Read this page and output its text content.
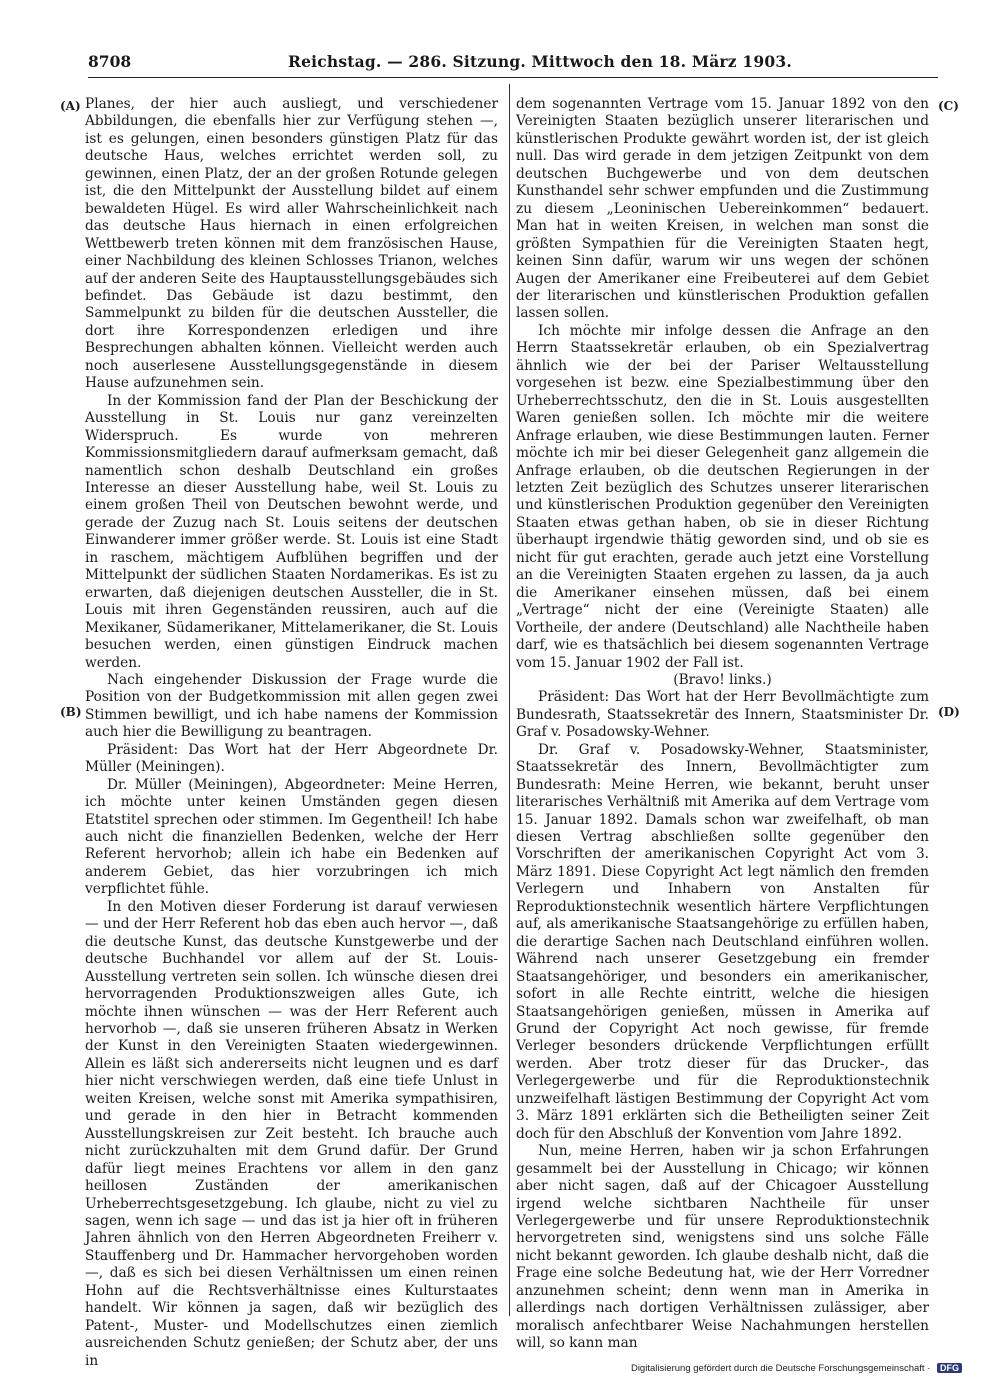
8708	Reichstag. — 286. Sitzung. Mittwoch den 18. März 1903.
(A)
(B)
(C)
(D)

Planes, der hier auch ausliegt, und verschiedener Abbildungen, die ebenfalls hier zur Verfügung stehen —, ist es gelungen, einen besonders günstigen Platz für das deutsche Haus, welches errichtet werden soll, zu gewinnen, einen Platz, der an der großen Rotunde gelegen ist, die den Mittelpunkt der Ausstellung bildet auf einem bewaldeten Hügel. Es wird aller Wahrscheinlichkeit nach das deutsche Haus hiernach in einen erfolgreichen Wettbewerb treten können mit dem französischen Hause, einer Nachbildung des kleinen Schlosses Trianon, welches auf der anderen Seite des Hauptausstellungsgebäudes sich befindet. Das Gebäude ist dazu bestimmt, den Sammelpunkt zu bilden für die deutschen Aussteller, die dort ihre Korrespondenzen erledigen und ihre Besprechungen abhalten können. Vielleicht werden auch noch auserlesene Ausstellungsgegenstände in diesem Hause aufzunehmen sein.

In der Kommission fand der Plan der Beschickung der Ausstellung in St. Louis nur ganz vereinzelten Widerspruch. Es wurde von mehreren Kommissionsmitgliedern darauf aufmerksam gemacht, daß namentlich schon deshalb Deutschland ein großes Interesse an dieser Ausstellung habe, weil St. Louis zu einem großen Theil von Deutschen bewohnt werde, und gerade der Zuzug nach St. Louis seitens der deutschen Einwanderer immer größer werde. St. Louis ist eine Stadt in raschem, mächtigem Aufblühen begriffen und der Mittelpunkt der südlichen Staaten Nordamerikas. Es ist zu erwarten, daß diejenigen deutschen Aussteller, die in St. Louis mit ihren Gegenständen reussiren, auch auf die Mexikaner, Südamerikaner, Mittelamerikaner, die St. Louis besuchen werden, einen günstigen Eindruck machen werden.

Nach eingehender Diskussion der Frage wurde die Position von der Budgetkommission mit allen gegen zwei Stimmen bewilligt, und ich habe namens der Kommission auch hier die Bewilligung zu beantragen.

Präsident: Das Wort hat der Herr Abgeordnete Dr. Müller (Meiningen).

Dr. Müller (Meiningen), Abgeordneter: Meine Herren, ich möchte unter keinen Umständen gegen diesen Etatstitel sprechen oder stimmen. Im Gegentheil! Ich habe auch nicht die finanziellen Bedenken, welche der Herr Referent hervorhob; allein ich habe ein Bedenken auf anderem Gebiet, das hier vorzubringen ich mich verpflichtet fühle.

In den Motiven dieser Forderung ist darauf verwiesen — und der Herr Referent hob das eben auch hervor —, daß die deutsche Kunst, das deutsche Kunstgewerbe und der deutsche Buchhandel vor allem auf der St. Louis-Ausstellung vertreten sein sollen. Ich wünsche diesen drei hervorragenden Produktionszweigen alles Gute, ich möchte ihnen wünschen — was der Herr Referent auch hervorhob —, daß sie unseren früheren Absatz in Werken der Kunst in den Vereinigten Staaten wiedergewinnen. Allein es läßt sich andererseits nicht leugnen und es darf hier nicht verschwiegen werden, daß eine tiefe Unlust in weiten Kreisen, welche sonst mit Amerika sympathisiren, und gerade in den hier in Betracht kommenden Ausstellungskreisen zur Zeit besteht. Ich brauche auch nicht zurückzuhalten mit dem Grund dafür. Der Grund dafür liegt meines Erachtens vor allem in den ganz heillosen Zuständen der amerikanischen Urheberrechtsgesetzgebung. Ich glaube, nicht zu viel zu sagen, wenn ich sage — und das ist ja hier oft in früheren Jahren ähnlich von den Herren Abgeordneten Freiherr v. Stauffenberg und Dr. Hammacher hervorgehoben worden —, daß es sich bei diesen Verhältnissen um einen reinen Hohn auf die Rechtsverhältnisse eines Kulturstaates handelt. Wir können ja sagen, daß wir bezüglich des Patent-, Muster- und Modellschutzes einen ziemlich ausreichenden Schutz genießen; der Schutz aber, der uns in

dem sogenannten Vertrage vom 15. Januar 1892 von den Vereinigten Staaten bezüglich unserer literarischen und künstlerischen Produkte gewährt worden ist, der ist gleich null. Das wird gerade in dem jetzigen Zeitpunkt von dem deutschen Buchgewerbe und von dem deutschen Kunsthandel sehr schwer empfunden und die Zustimmung zu diesem „Leoninischen Uebereinkommen“ bedauert. Man hat in weiten Kreisen, in welchen man sonst die größten Sympathien für die Vereinigten Staaten hegt, keinen Sinn dafür, warum wir uns wegen der schönen Augen der Amerikaner eine Freibeuterei auf dem Gebiet der literarischen und künstlerischen Produktion gefallen lassen sollen.

Ich möchte mir infolge dessen die Anfrage an den Herrn Staatssekretär erlauben, ob ein Spezialvertrag ähnlich wie der bei der Pariser Weltausstellung vorgesehen ist bezw. eine Spezialbestimmung über den Urheberrechtsschutz, den die in St. Louis ausgestellten Waren genießen sollen. Ich möchte mir die weitere Anfrage erlauben, wie diese Bestimmungen lauten. Ferner möchte ich mir bei dieser Gelegenheit ganz allgemein die Anfrage erlauben, ob die deutschen Regierungen in der letzten Zeit bezüglich des Schutzes unserer literarischen und künstlerischen Produktion gegenüber den Vereinigten Staaten etwas gethan haben, ob sie in dieser Richtung überhaupt irgendwie thätig geworden sind, und ob sie es nicht für gut erachten, gerade auch jetzt eine Vorstellung an die Vereinigten Staaten ergehen zu lassen, da ja auch die Amerikaner einsehen müssen, daß bei einem „Vertrage“ nicht der eine (Vereinigte Staaten) alle Vortheile, der andere (Deutschland) alle Nachtheile haben darf, wie es thatsächlich bei diesem sogenannten Vertrage vom 15. Januar 1902 der Fall ist.

(Bravo! links.)

Präsident: Das Wort hat der Herr Bevollmächtigte zum Bundesrath, Staatssekretär des Innern, Staatsminister Dr. Graf v. Posadowsky-Wehner.

Dr. Graf v. Posadowsky-Wehner, Staatsminister, Staatssekretär des Innern, Bevollmächtigter zum Bundesrath: Meine Herren, wie bekannt, beruht unser literarisches Verhältniß mit Amerika auf dem Vertrage vom 15. Januar 1892. Damals schon war zweifelhaft, ob man diesen Vertrag abschließen sollte gegenüber den Vorschriften der amerikanischen Copyright Act vom 3. März 1891. Diese Copyright Act legt nämlich den fremden Verlegern und Inhabern von Anstalten für Reproduktionstechnik wesentlich härtere Verpflichtungen auf, als amerikanische Staatsangehörige zu erfüllen haben, die derartige Sachen nach Deutschland einführen wollen. Während nach unserer Gesetzgebung ein fremder Staatsangehöriger, und besonders ein amerikanischer, sofort in alle Rechte eintritt, welche die hiesigen Staatsangehörigen genießen, müssen in Amerika auf Grund der Copyright Act noch gewisse, für fremde Verleger besonders drückende Verpflichtungen erfüllt werden. Aber trotz dieser für das Drucker-, das Verlegergewerbe und für die Reproduktionstechnik unzweifelhaft lästigen Bestimmung der Copyright Act vom 3. März 1891 erklärten sich die Betheiligten seiner Zeit doch für den Abschluß der Konvention vom Jahre 1892.

Nun, meine Herren, haben wir ja schon Erfahrungen gesammelt bei der Ausstellung in Chicago; wir können aber nicht sagen, daß auf der Chicagoer Ausstellung irgend welche sichtbaren Nachtheile für unser Verlegergewerbe und für unsere Reproduktionstechnik hervorgetreten sind, wenigstens sind uns solche Fälle nicht bekannt geworden. Ich glaube deshalb nicht, daß die Frage eine solche Bedeutung hat, wie der Herr Vorredner anzunehmen scheint; denn wenn man in Amerika in allerdings nach dortigen Verhältnissen zulässiger, aber moralisch anfechtbarer Weise Nachahmungen herstellen will, so kann man

Digitalisierung gefördert durch die Deutsche Forschungsgemeinschaft · DFG
